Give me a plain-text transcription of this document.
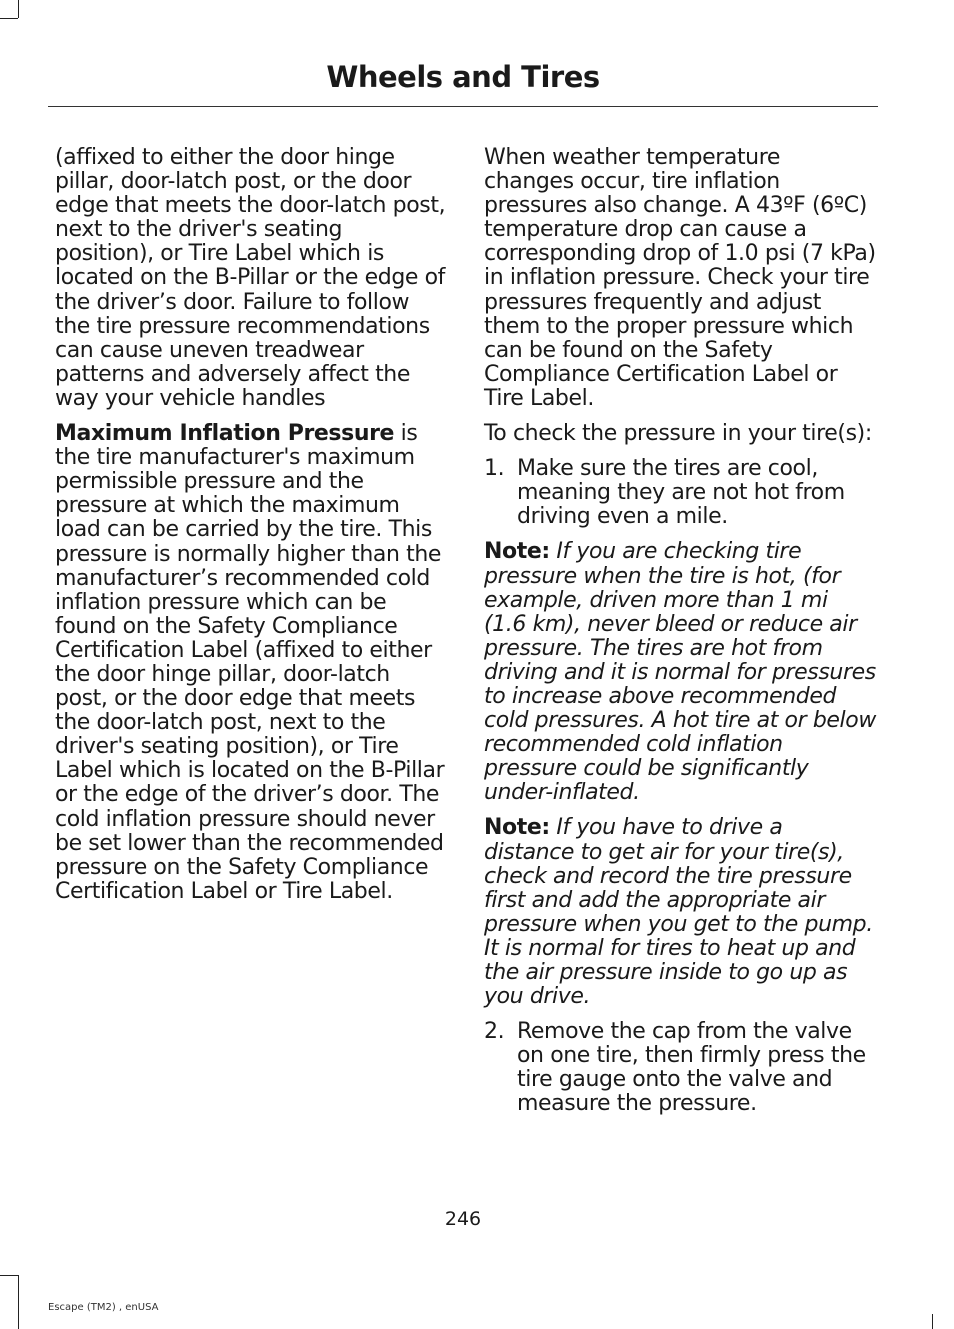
Wheels and Tires

(affixed to either the door hinge pillar, door-latch post, or the door edge that meets the door-latch post, next to the driver's seating position), or Tire Label which is located on the B-Pillar or the edge of the driver’s door. Failure to follow the tire pressure recommendations can cause uneven treadwear patterns and adversely affect the way your vehicle handles

Maximum Inflation Pressure is the tire manufacturer's maximum permissible pressure and the pressure at which the maximum load can be carried by the tire. This pressure is normally higher than the manufacturer’s recommended cold inflation pressure which can be found on the Safety Compliance Certification Label (affixed to either the door hinge pillar, door-latch post, or the door edge that meets the door-latch post, next to the driver's seating position), or Tire Label which is located on the B-Pillar or the edge of the driver’s door. The cold inflation pressure should never be set lower than the recommended pressure on the Safety Compliance Certification Label or Tire Label.

When weather temperature changes occur, tire inflation pressures also change. A 43ºF (6ºC) temperature drop can cause a corresponding drop of 1.0 psi (7 kPa) in inflation pressure. Check your tire pressures frequently and adjust them to the proper pressure which can be found on the Safety Compliance Certification Label or Tire Label.

To check the pressure in your tire(s):

1. Make sure the tires are cool, meaning they are not hot from driving even a mile.

Note: If you are checking tire pressure when the tire is hot, (for example, driven more than 1 mi (1.6 km), never bleed or reduce air pressure. The tires are hot from driving and it is normal for pressures to increase above recommended cold pressures. A hot tire at or below recommended cold inflation pressure could be significantly under-inflated.

Note: If you have to drive a distance to get air for your tire(s), check and record the tire pressure first and add the appropriate air pressure when you get to the pump. It is normal for tires to heat up and the air pressure inside to go up as you drive.

2. Remove the cap from the valve on one tire, then firmly press the tire gauge onto the valve and measure the pressure.
246
Escape (TM2) , enUSA
